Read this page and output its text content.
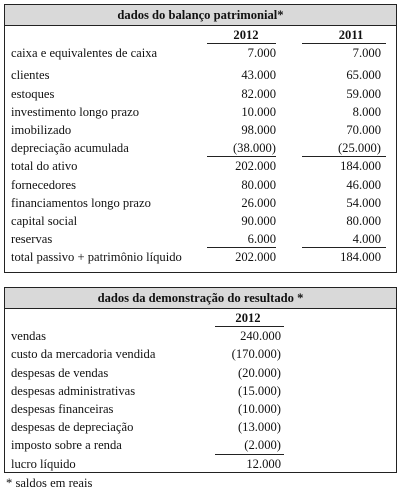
dados do balanço patrimonial*
2012	2011
caixa e equivalentes de caixa	7.000	7.000
clientes	43.000	65.000
estoques	82.000	59.000
investimento longo prazo	10.000	8.000
imobilizado	98.000	70.000
depreciação acumulada	(38.000)	(25.000)
total do ativo	202.000	184.000
fornecedores	80.000	46.000
financiamentos longo prazo	26.000	54.000
capital social	90.000	80.000
reservas	6.000	4.000
total passivo + patrimônio líquido	202.000	184.000
dados da demonstração do resultado *
2012
vendas	240.000
custo da mercadoria vendida	(170.000)
despesas de vendas	(20.000)
despesas administrativas	(15.000)
despesas financeiras	(10.000)
despesas de depreciação	(13.000)
imposto sobre a renda	(2.000)
lucro líquido	12.000
* saldos em reais
